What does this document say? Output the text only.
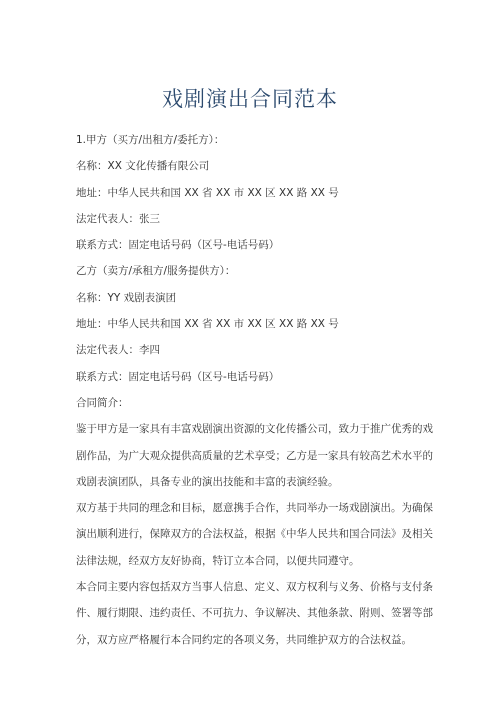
戏剧演出合同范本

1.甲方（买方/出租方/委托方）：

名称：XX 文化传播有限公司

地址：中华人民共和国 XX 省 XX 市 XX 区 XX 路 XX 号

法定代表人：张三

联系方式：固定电话号码（区号-电话号码）

乙方（卖方/承租方/服务提供方）：

名称：YY 戏剧表演团

地址：中华人民共和国 XX 省 XX 市 XX 区 XX 路 XX 号

法定代表人：李四

联系方式：固定电话号码（区号-电话号码）

合同简介：

鉴于甲方是一家具有丰富戏剧演出资源的文化传播公司，致力于推广优秀的戏
剧作品，为广大观众提供高质量的艺术享受；乙方是一家具有较高艺术水平的
戏剧表演团队，具备专业的演出技能和丰富的表演经验。

双方基于共同的理念和目标，愿意携手合作，共同举办一场戏剧演出。为确保
演出顺利进行，保障双方的合法权益，根据《中华人民共和国合同法》及相关
法律法规，经双方友好协商，特订立本合同，以便共同遵守。

本合同主要内容包括双方当事人信息、定义、双方权利与义务、价格与支付条
件、履行期限、违约责任、不可抗力、争议解决、其他条款、附则、签署等部
分，双方应严格履行本合同约定的各项义务，共同维护双方的合法权益。
